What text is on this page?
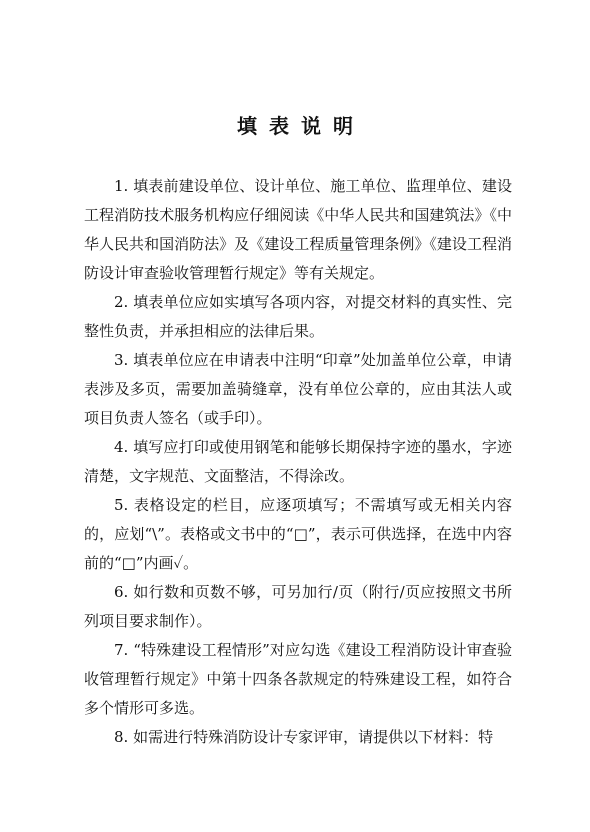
填表说明

1. 填表前建设单位、设计单位、施工单位、监理单位、建设工程消防技术服务机构应仔细阅读《中华人民共和国建筑法》《中华人民共和国消防法》及《建设工程质量管理条例》《建设工程消防设计审查验收管理暂行规定》等有关规定。

2. 填表单位应如实填写各项内容，对提交材料的真实性、完整性负责，并承担相应的法律后果。

3. 填表单位应在申请表中注明“印章”处加盖单位公章，申请表涉及多页，需要加盖骑缝章，没有单位公章的，应由其法人或项目负责人签名（或手印）。

4. 填写应打印或使用钢笔和能够长期保持字迹的墨水，字迹清楚，文字规范、文面整洁，不得涂改。

5. 表格设定的栏目，应逐项填写；不需填写或无相关内容的，应划“\”。表格或文书中的“□”，表示可供选择，在选中内容前的“□”内画✓。

6. 如行数和页数不够，可另加行/页（附行/页应按照文书所列项目要求制作）。

7. “特殊建设工程情形”对应勾选《建设工程消防设计审查验收管理暂行规定》中第十四条各款规定的特殊建设工程，如符合多个情形可多选。

8. 如需进行特殊消防设计专家评审，请提供以下材料：特
